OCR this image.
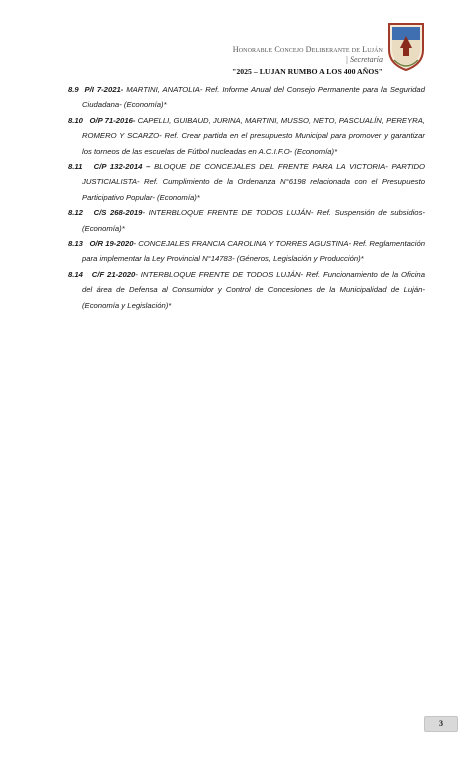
Honorable Concejo Deliberante de Luján
| Secretaría
"2025 – LUJAN RUMBO A LOS 400 AÑOS"

8.9 P/I 7-2021- MARTINI, ANATOLIA- Ref. Informe Anual del Consejo Permanente para la Seguridad Ciudadana- (Economía)*

8.10 O/P 71-2016- CAPELLI, GUIBAUD, JURINA, MARTINI, MUSSO, NETO, PASCUALÍN, PEREYRA, ROMERO Y SCARZO- Ref. Crear partida en el presupuesto Municipal para promover y garantizar los torneos de las escuelas de Fútbol nucleadas en A.C.I.F.O- (Economía)*

8.11 C/P 132-2014 – BLOQUE DE CONCEJALES DEL FRENTE PARA LA VICTORIA- PARTIDO JUSTICIALISTA- Ref. Cumplimiento de la Ordenanza N°6198 relacionada con el Presupuesto Participativo Popular- (Economía)*

8.12 C/S 268-2019- INTERBLOQUE FRENTE DE TODOS LUJÁN- Ref. Suspensión de subsidios- (Economía)*

8.13 O/R 19-2020- CONCEJALES FRANCIA CAROLINA Y TORRES AGUSTINA- Ref. Reglamentación para implementar la Ley Provincial N°14783- (Géneros, Legislación y Producción)*

8.14 C/F 21-2020- INTERBLOQUE FRENTE DE TODOS LUJÁN- Ref. Funcionamiento de la Oficina del área de Defensa al Consumidor y Control de Concesiones de la Municipalidad de Luján- (Economía y Legislación)*

3
